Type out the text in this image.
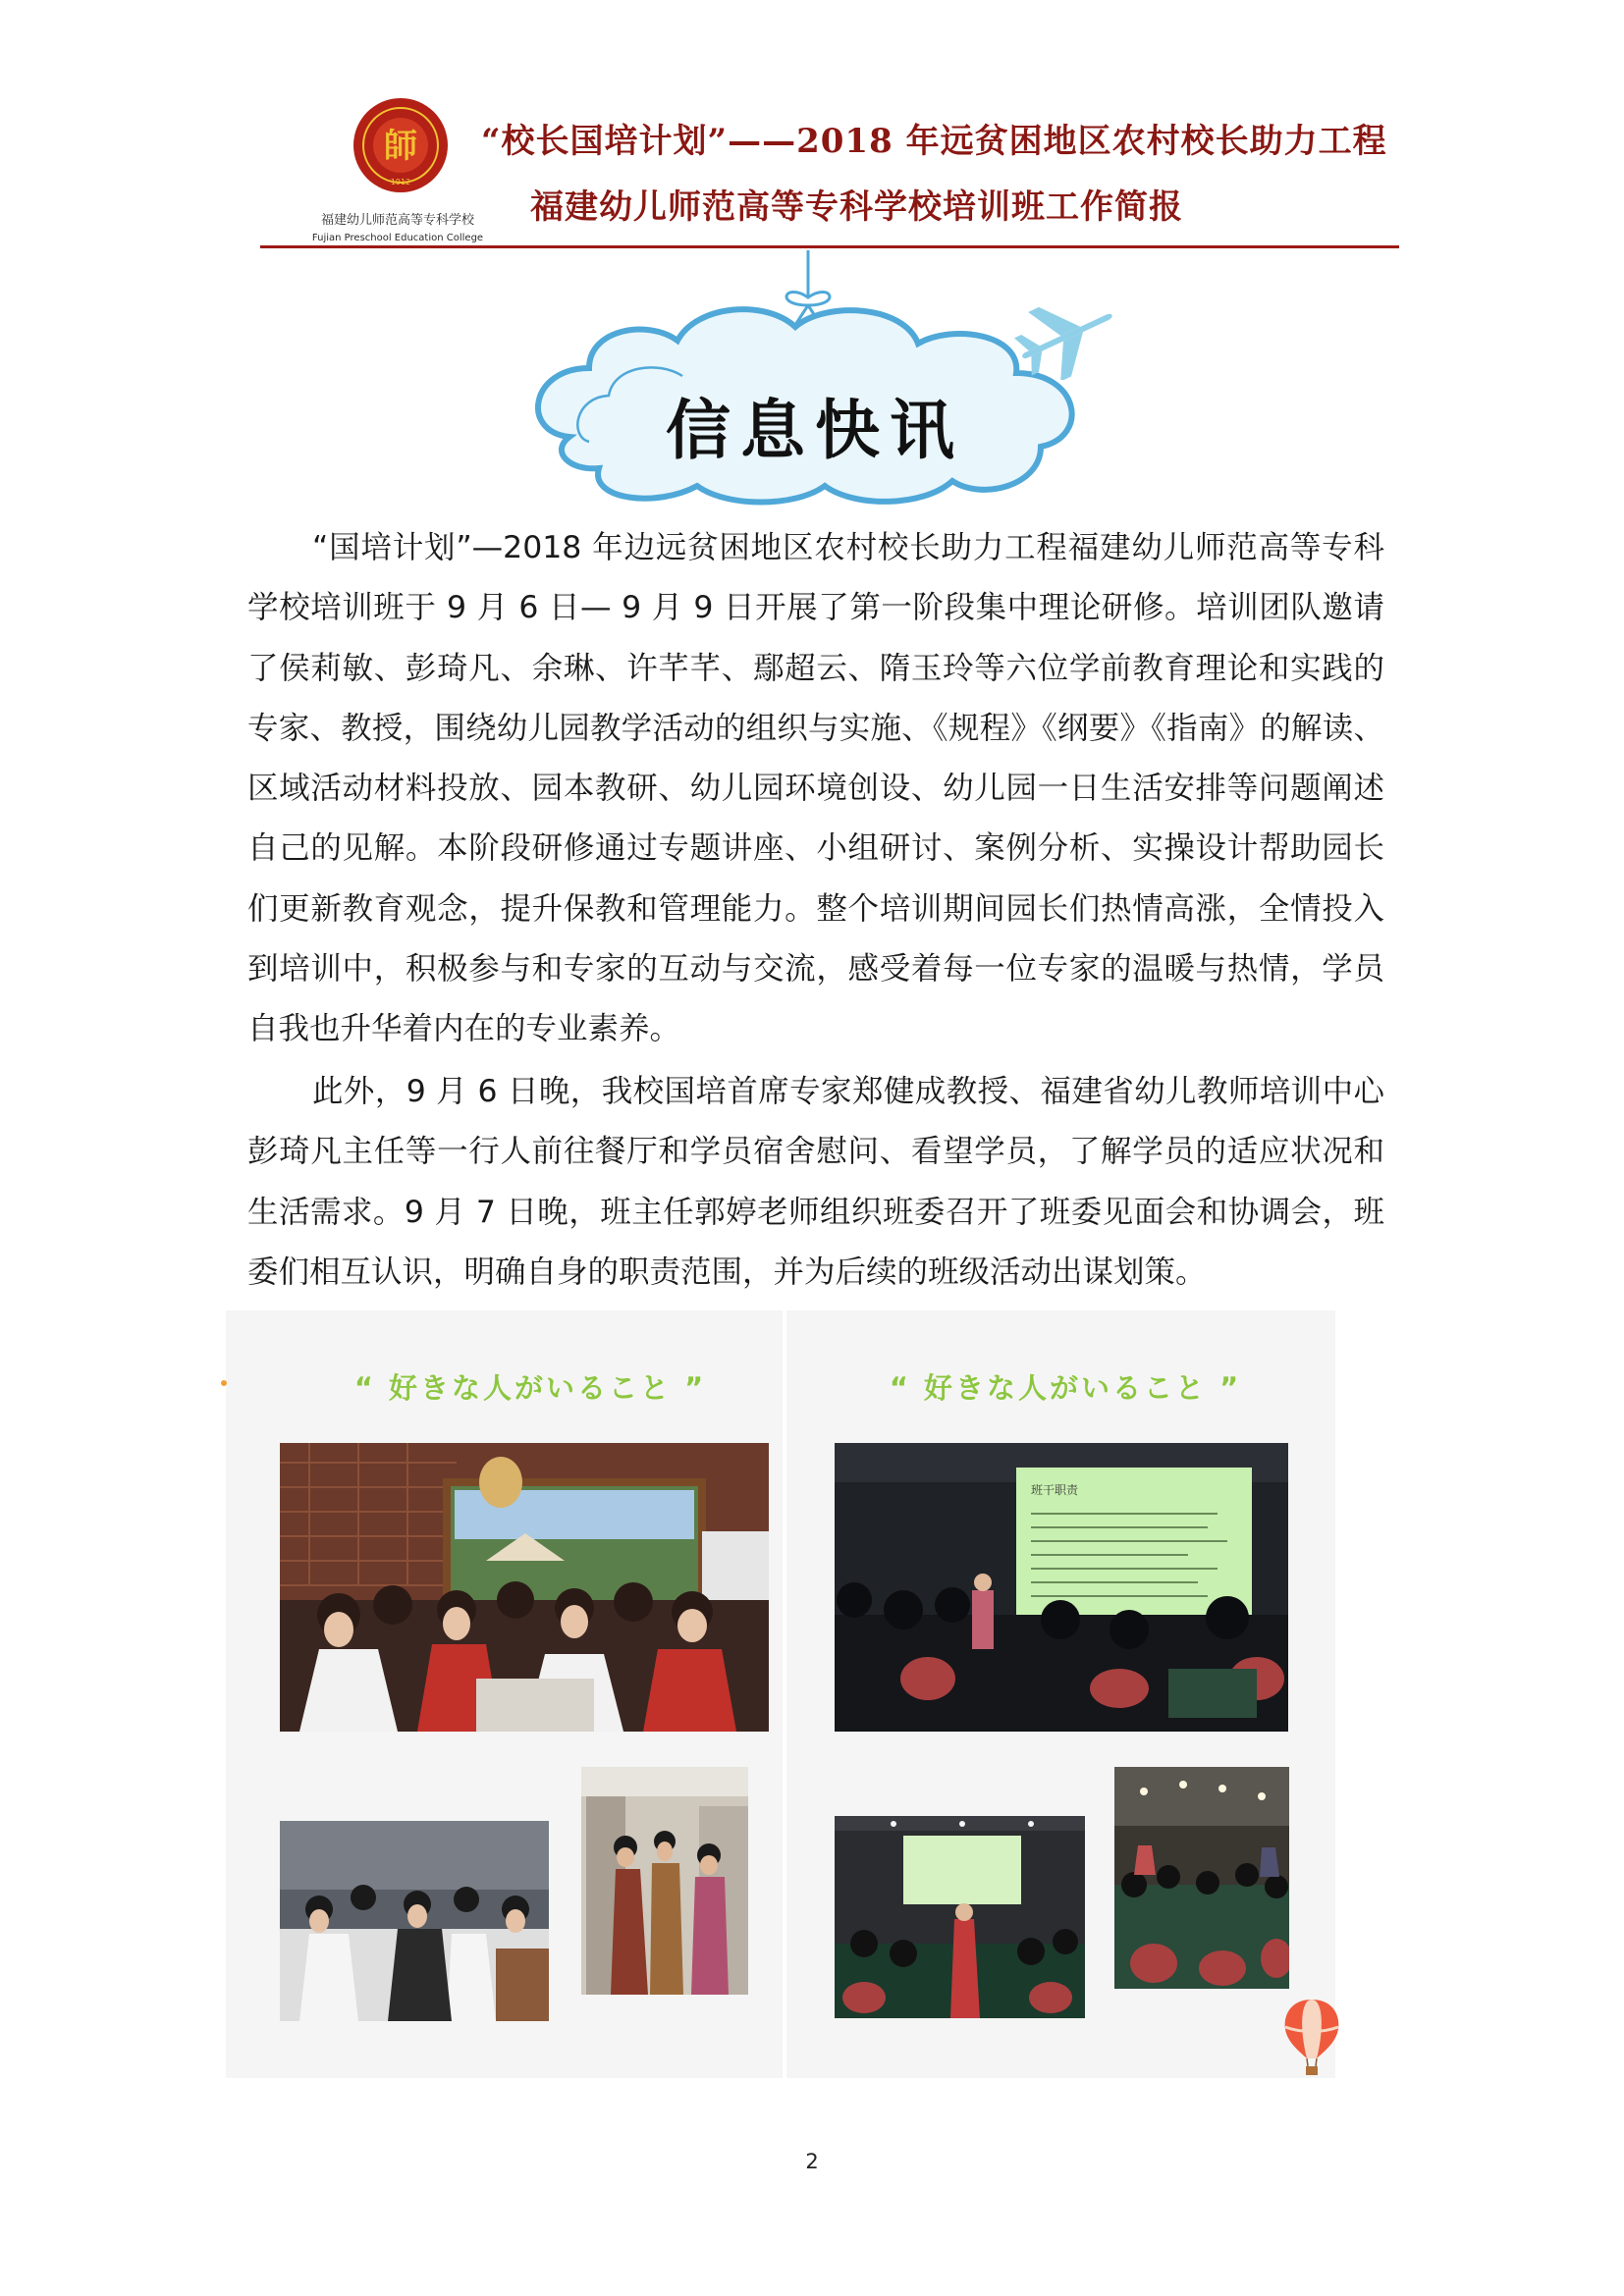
師
1912
福建幼儿师范高等专科学校
Fujian Preschool Education College
“校长国培计划”——2018 年远贫困地区农村校长助力工程
福建幼儿师范高等专科学校培训班工作简报
信息快讯

“国培计划”—2018 年边远贫困地区农村校长助力工程福建幼儿师范高等专科学校培训班于 9 月 6 日— 9 月 9 日开展了第一阶段集中理论研修。培训团队邀请了侯莉敏、彭琦凡、余琳、许芊芊、鄢超云、隋玉玲等六位学前教育理论和实践的专家、教授，围绕幼儿园教学活动的组织与实施、《规程》《纲要》《指南》的解读、区域活动材料投放、园本教研、幼儿园环境创设、幼儿园一日生活安排等问题阐述自己的见解。本阶段研修通过专题讲座、小组研讨、案例分析、实操设计帮助园长们更新教育观念，提升保教和管理能力。整个培训期间园长们热情高涨，全情投入到培训中，积极参与和专家的互动与交流，感受着每一位专家的温暖与热情，学员自我也升华着内在的专业素养。

此外，9 月 6 日晚，我校国培首席专家郑健成教授、福建省幼儿教师培训中心彭琦凡主任等一行人前往餐厅和学员宿舍慰问、看望学员，了解学员的适应状况和生活需求。9 月 7 日晚，班主任郭婷老师组织班委召开了班委见面会和协调会，班委们相互认识，明确自身的职责范围，并为后续的班级活动出谋划策。

“ 好きな人がいること ”	“ 好きな人がいること ”
班干职责
2
